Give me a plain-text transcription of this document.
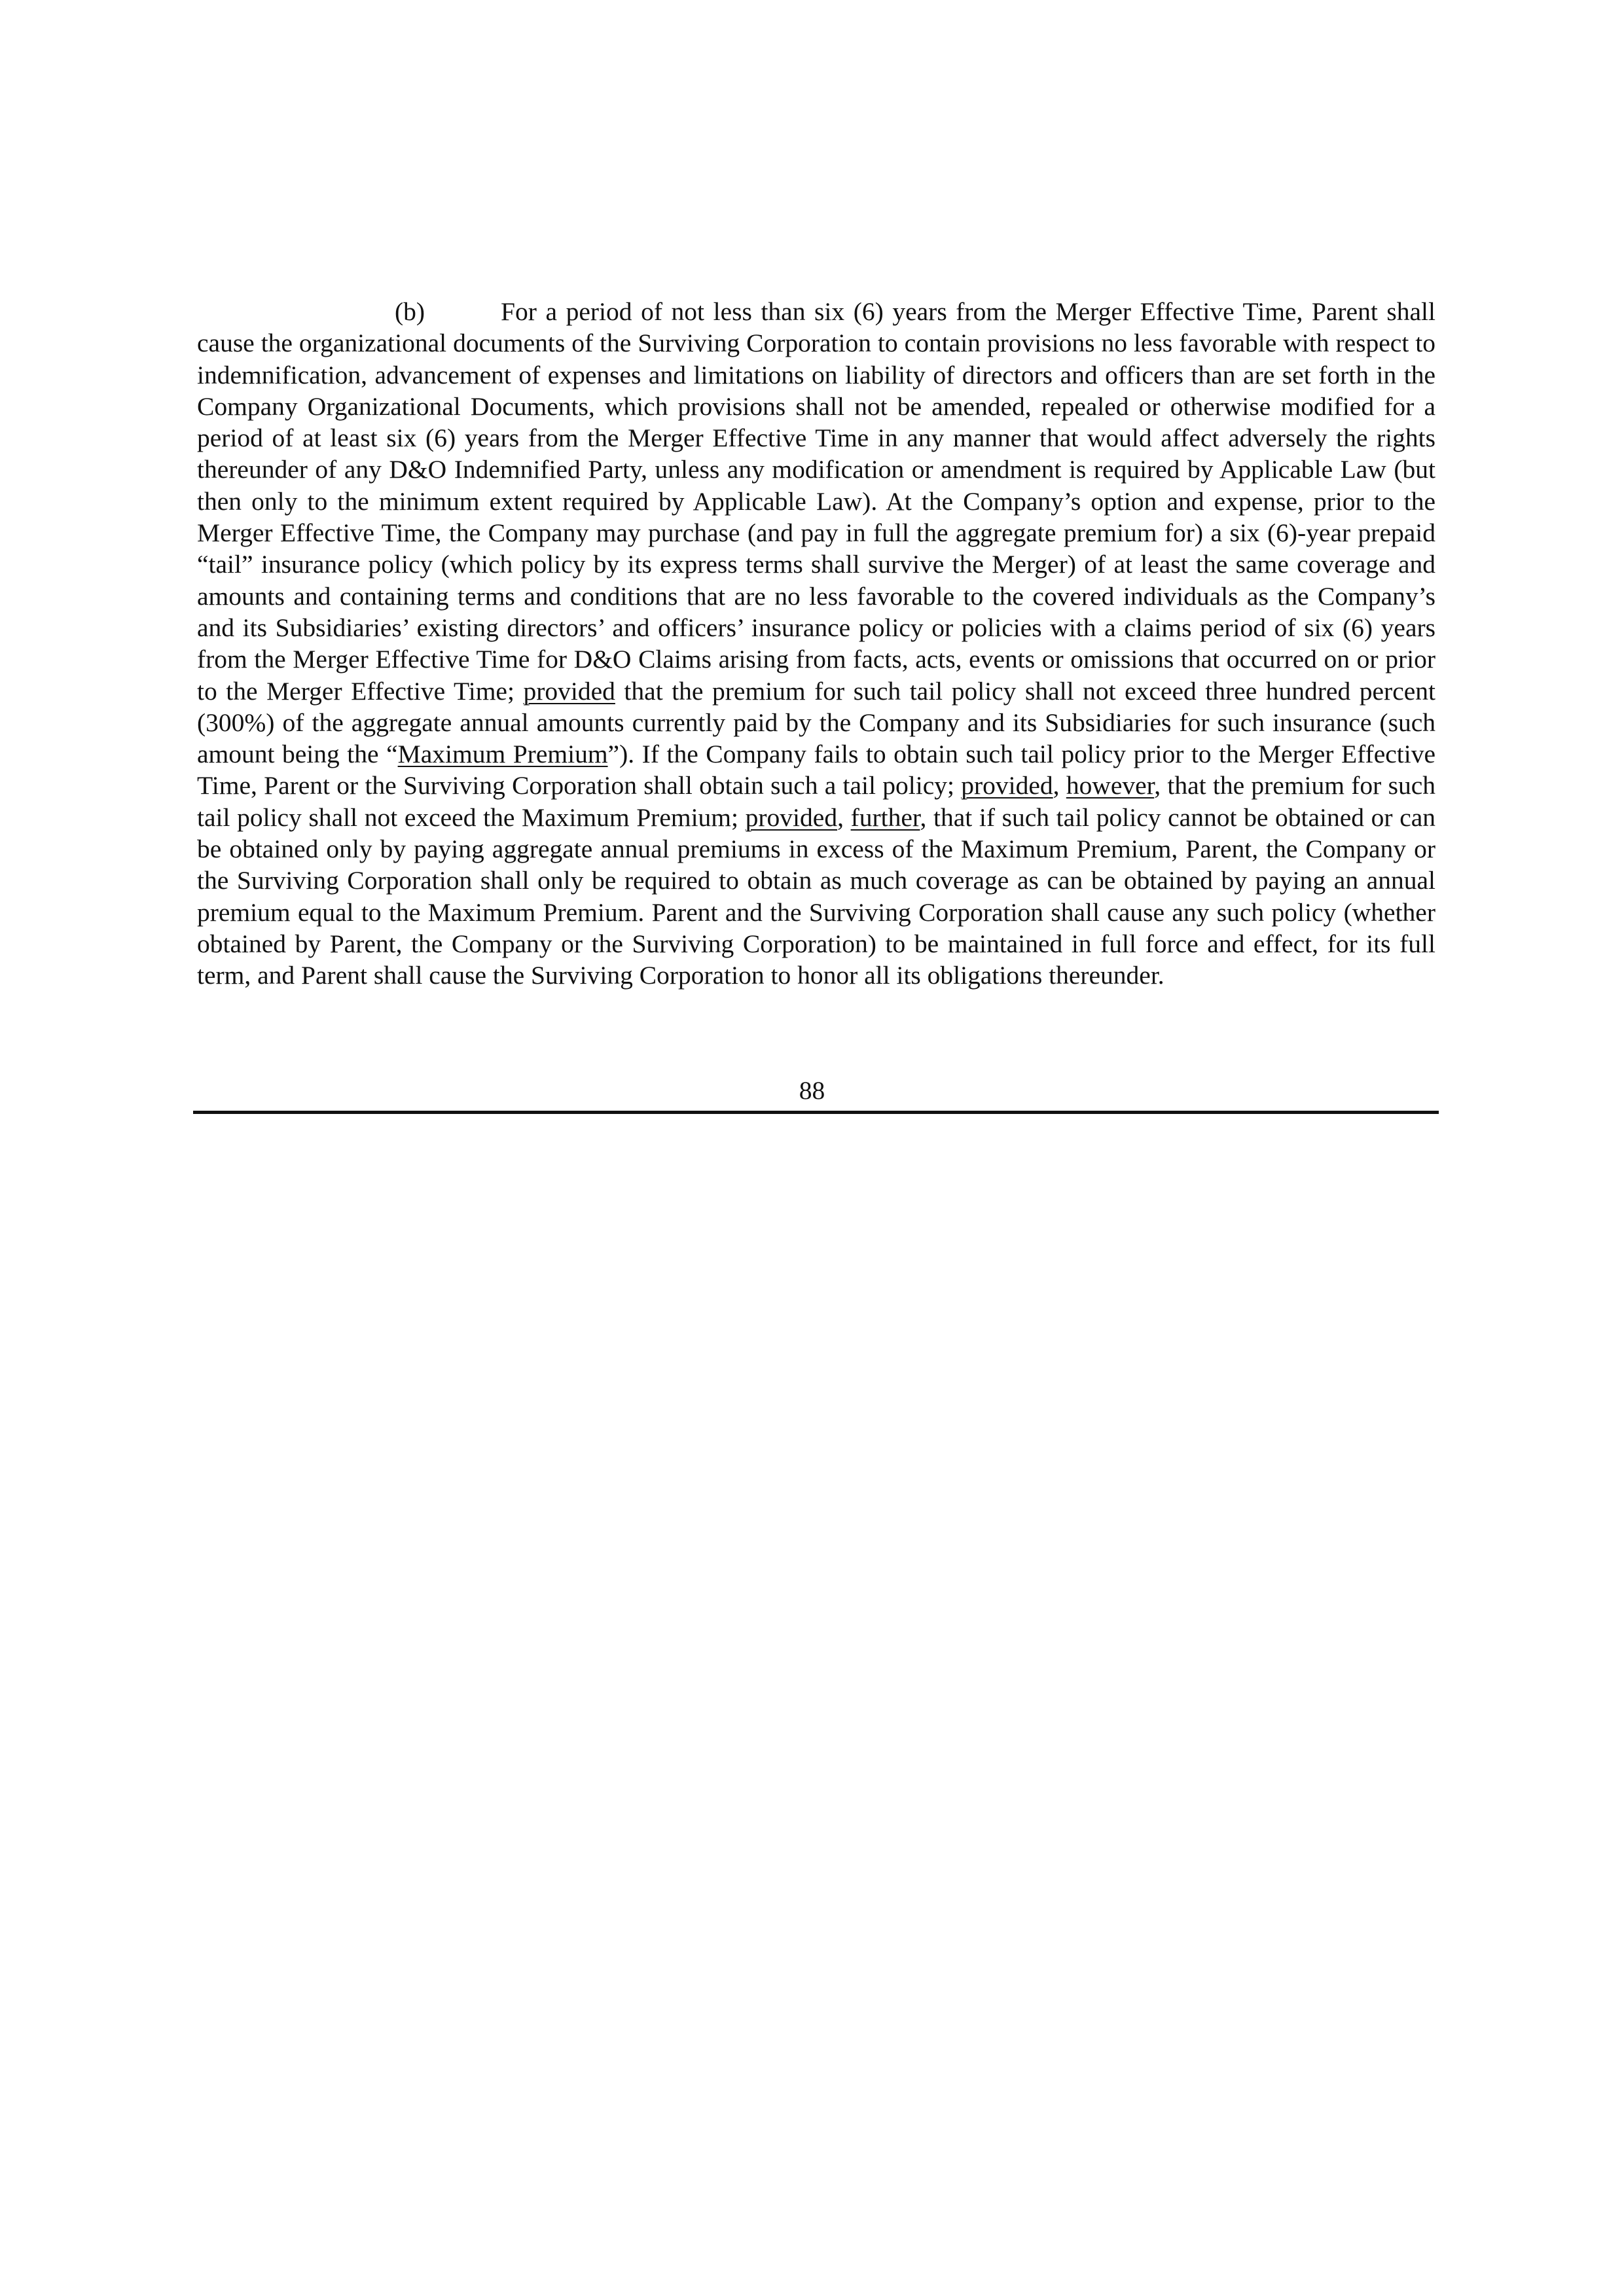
(b)	For a period of not less than six (6) years from the Merger Effective Time, Parent shall cause the organizational documents of the Surviving Corporation to contain provisions no less favorable with respect to indemnification, advancement of expenses and limitations on liability of directors and officers than are set forth in the Company Organizational Documents, which provisions shall not be amended, repealed or otherwise modified for a period of at least six (6) years from the Merger Effective Time in any manner that would affect adversely the rights thereunder of any D&O Indemnified Party, unless any modification or amendment is required by Applicable Law (but then only to the minimum extent required by Applicable Law). At the Company’s option and expense, prior to the Merger Effective Time, the Company may purchase (and pay in full the aggregate premium for) a six (6)-year prepaid “tail” insurance policy (which policy by its express terms shall survive the Merger) of at least the same coverage and amounts and containing terms and conditions that are no less favorable to the covered individuals as the Company’s and its Subsidiaries’ existing directors’ and officers’ insurance policy or policies with a claims period of six (6) years from the Merger Effective Time for D&O Claims arising from facts, acts, events or omissions that occurred on or prior to the Merger Effective Time; provided that the premium for such tail policy shall not exceed three hundred percent (300%) of the aggregate annual amounts currently paid by the Company and its Subsidiaries for such insurance (such amount being the “Maximum Premium”). If the Company fails to obtain such tail policy prior to the Merger Effective Time, Parent or the Surviving Corporation shall obtain such a tail policy; provided, however, that the premium for such tail policy shall not exceed the Maximum Premium; provided, further, that if such tail policy cannot be obtained or can be obtained only by paying aggregate annual premiums in excess of the Maximum Premium, Parent, the Company or the Surviving Corporation shall only be required to obtain as much coverage as can be obtained by paying an annual premium equal to the Maximum Premium. Parent and the Surviving Corporation shall cause any such policy (whether obtained by Parent, the Company or the Surviving Corporation) to be maintained in full force and effect, for its full term, and Parent shall cause the Surviving Corporation to honor all its obligations thereunder.

88
